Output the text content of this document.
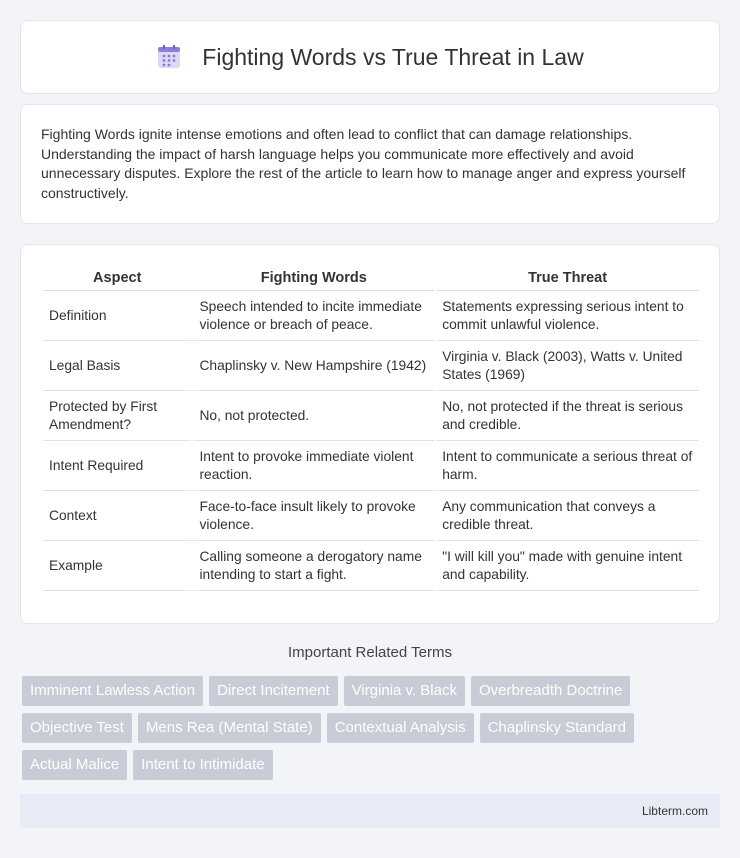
Fighting Words vs True Threat in Law

Fighting Words ignite intense emotions and often lead to conflict that can damage relationships. Understanding the impact of harsh language helps you communicate more effectively and avoid unnecessary disputes. Explore the rest of the article to learn how to manage anger and express yourself constructively.

Aspect	Fighting Words	True Threat
Definition	Speech intended to incite immediate violence or breach of peace.	Statements expressing serious intent to commit unlawful violence.
Legal Basis	Chaplinsky v. New Hampshire (1942)	Virginia v. Black (2003), Watts v. United States (1969)
Protected by First Amendment?	No, not protected.	No, not protected if the threat is serious and credible.
Intent Required	Intent to provoke immediate violent reaction.	Intent to communicate a serious threat of harm.
Context	Face-to-face insult likely to provoke violence.	Any communication that conveys a credible threat.
Example	Calling someone a derogatory name intending to start a fight.	"I will kill you" made with genuine intent and capability.
Important Related Terms
Imminent Lawless Action	Direct Incitement	Virginia v. Black	Overbreadth Doctrine
Objective Test	Mens Rea (Mental State)	Contextual Analysis	Chaplinsky Standard
Actual Malice	Intent to Intimidate
Libterm.com
